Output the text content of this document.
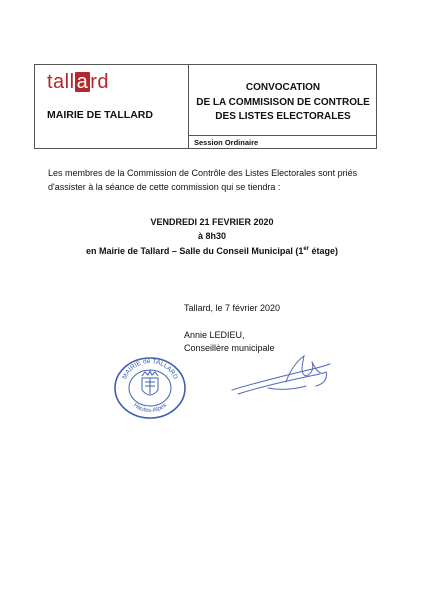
tall a rd
MAIRIE DE TALLARD
CONVOCATION
DE LA COMMISISON DE CONTROLE
DES LISTES ELECTORALES
Session Ordinaire
Les membres de la Commission de Contrôle des Listes Electorales sont priés d'assister à la séance de cette commission qui se tiendra :
VENDREDI 21 FEVRIER 2020
à 8h30
en Mairie de Tallard – Salle du Conseil Municipal (1er étage)
Tallard, le 7 février 2020
Annie LEDIEU,
Conseillère municipale
MAIRIE de TALLARD
Hautes-Alpes
